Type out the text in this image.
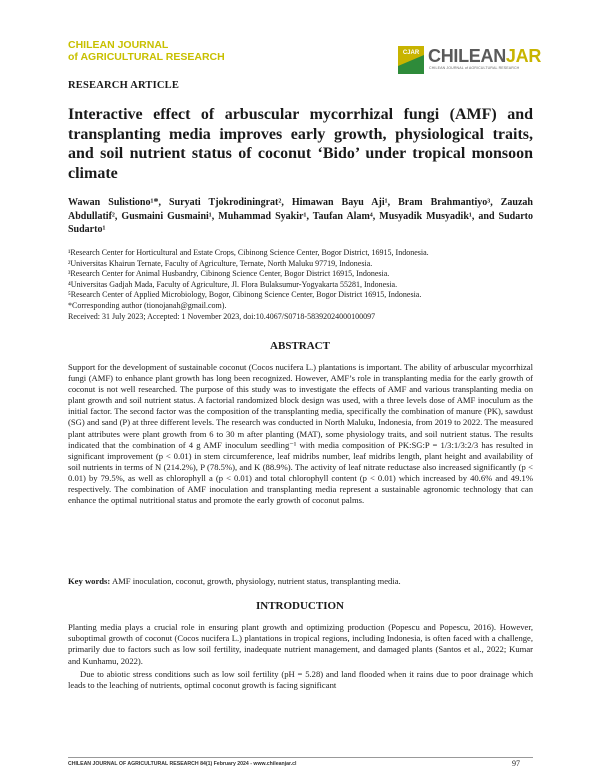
CHILEAN JOURNAL
of AGRICULTURAL RESEARCH	CJAR CHILEANJAR
CHILEAN JOURNAL of AGRICULTURAL RESEARCH
RESEARCH ARTICLE
Interactive effect of arbuscular mycorrhizal fungi (AMF) and transplanting media improves early growth, physiological traits, and soil nutrient status of coconut ‘Bido’ under tropical monsoon climate
Wawan Sulistiono¹*, Suryati Tjokrodiningrat², Himawan Bayu Aji¹, Bram Brahmantiyo³, Zauzah Abdullatif², Gusmaini Gusmaini¹, Muhammad Syakir¹, Taufan Alam⁴, Musyadik Musyadik¹, and Sudarto Sudarto¹
¹Research Center for Horticultural and Estate Crops, Cibinong Science Center, Bogor District, 16915, Indonesia.
²Universitas Khairun Ternate, Faculty of Agriculture, Ternate, North Maluku 97719, Indonesia.
³Research Center for Animal Husbandry, Cibinong Science Center, Bogor District 16915, Indonesia.
⁴Universitas Gadjah Mada, Faculty of Agriculture, Jl. Flora Bulaksumur-Yogyakarta 55281, Indonesia.
⁵Research Center of Applied Microbiology, Bogor, Cibinong Science Center, Bogor District 16915, Indonesia.
*Corresponding author (tionojanah@gmail.com).
Received: 31 July 2023; Accepted: 1 November 2023, doi:10.4067/S0718-58392024000100097
ABSTRACT
Support for the development of sustainable coconut (Cocos nucifera L.) plantations is important. The ability of arbuscular mycorrhizal fungi (AMF) to enhance plant growth has long been recognized. However, AMF’s role in transplanting media for the early growth of coconut is not well researched. The purpose of this study was to investigate the effects of AMF and various transplanting media on plant growth and soil nutrient status. A factorial randomized block design was used, with a three levels dose of AMF inoculum as the initial factor. The second factor was the composition of the transplanting media, specifically the combination of manure (PK), sawdust (SG) and sand (P) at three different levels. The research was conducted in North Maluku, Indonesia, from 2019 to 2022. The measured plant attributes were plant growth from 6 to 30 m after planting (MAT), some physiology traits, and soil nutrient status. The results indicated that the combination of 4 g AMF inoculum seedling⁻¹ with media composition of PK:SG:P = 1/3:1/3:2/3 has resulted in significant improvement (p < 0.01) in stem circumference, leaf midribs number, leaf midribs length, plant height and availability of soil nutrients in terms of N (214.2%), P (78.5%), and K (88.9%). The activity of leaf nitrate reductase also increased significantly (p < 0.01) by 79.5%, as well as chlorophyll a (p < 0.01) and total chlorophyll content (p < 0.01) which increased by 40.6% and 49.1% respectively. The combination of AMF inoculation and transplanting media represent a sustainable agronomic technology that can enhance the optimal nutritional status and promote the early growth of coconut palms.
Key words: AMF inoculation, coconut, growth, physiology, nutrient status, transplanting media.
INTRODUCTION

Planting media plays a crucial role in ensuring plant growth and optimizing production (Popescu and Popescu, 2016). However, suboptimal growth of coconut (Cocos nucifera L.) plantations in tropical regions, including Indonesia, is often faced with a challenge, primarily due to factors such as low soil fertility, inadequate nutrient management, and damaged plants (Santos et al., 2022; Kumar and Kunhamu, 2022).

Due to abiotic stress conditions such as low soil fertility (pH = 5.28) and land flooded when it rains due to poor drainage which leads to the leaching of nutrients, optimal coconut growth is facing significant

CHILEAN JOURNAL OF AGRICULTURAL RESEARCH 84(1) February 2024 - www.chileanjar.cl	97
